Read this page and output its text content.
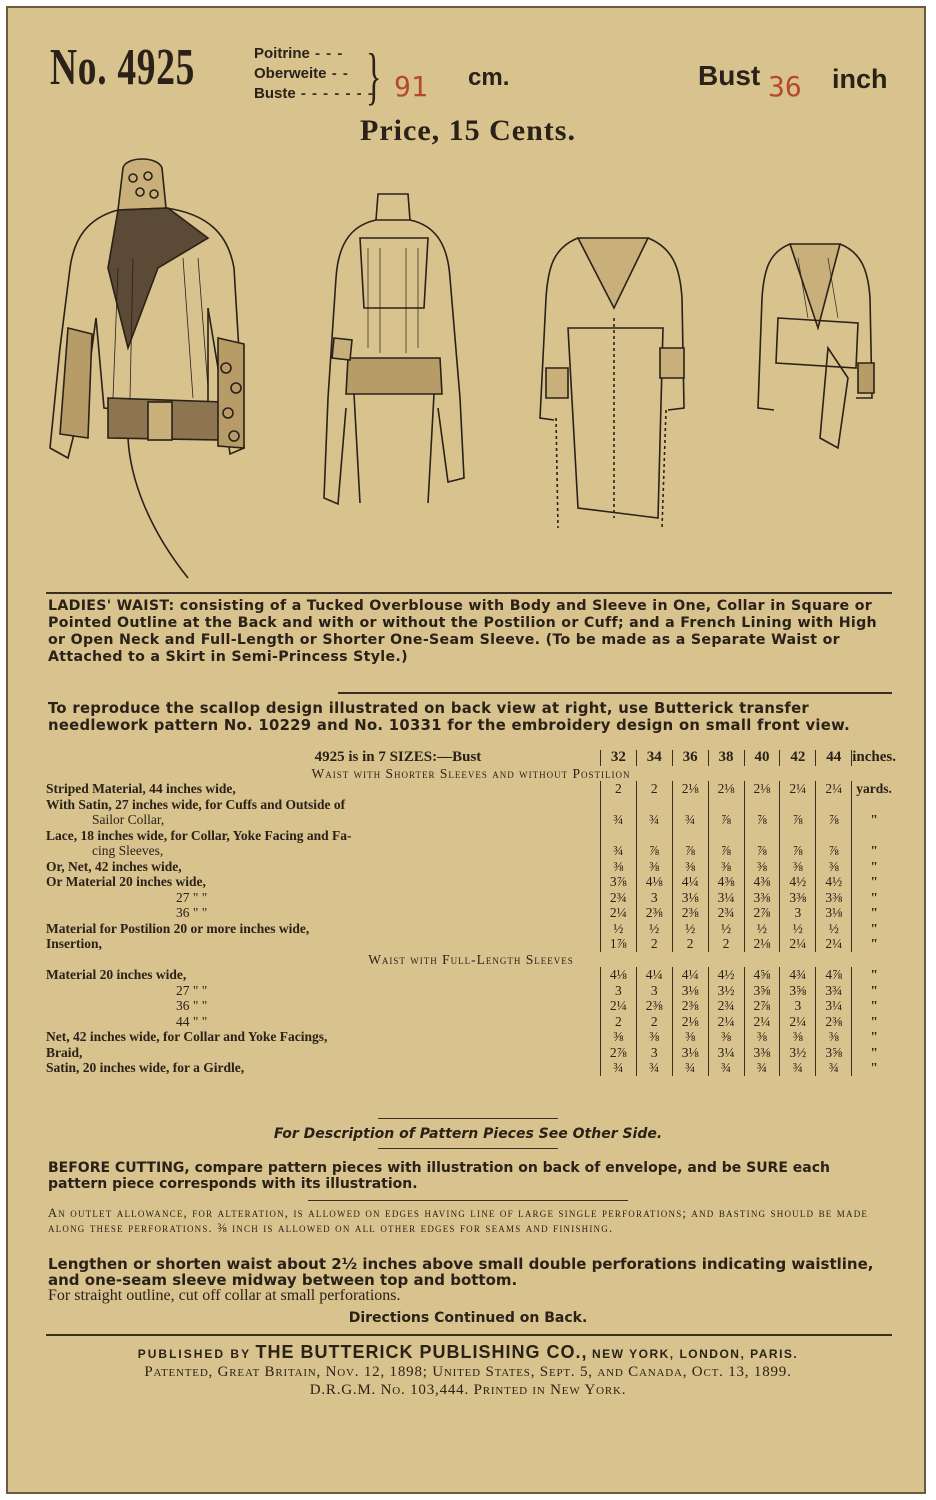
No. 4925	Poitrine - - -
Oberweite - -
Buste - - - - - - -
} 91 cm.	Bust 36 inch
Price, 15 Cents.
LADIES' WAIST: consisting of a Tucked Overblouse with Body and Sleeve in One, Collar in Square or Pointed Outline at the Back and with or without the Postilion or Cuff; and a French Lining with High or Open Neck and Full-Length or Shorter One-Seam Sleeve. (To be made as a Separate Waist or Attached to a Skirt in Semi-Princess Style.)
To reproduce the scallop design illustrated on back view at right, use Butterick transfer needlework pattern No. 10229 and No. 10331 for the embroidery design on small front view.
4925 is in 7 SIZES:—Bust	32	34	36	38	40	42	44	inches.
Waist with Shorter Sleeves and without Postilion								
Striped Material, 44 inches wide,	2	2	2⅛	2⅛	2⅛	2¼	2¼	yards.
With Satin, 27 inches wide, for Cuffs and Outside of								
Sailor Collar,	¾	¾	¾	⅞	⅞	⅞	⅞	"
Lace, 18 inches wide, for Collar, Yoke Facing and Fa-								
cing Sleeves,	¾	⅞	⅞	⅞	⅞	⅞	⅞	"
Or, Net, 42 inches wide,	⅜	⅜	⅜	⅜	⅜	⅜	⅜	"
Or Material 20 inches wide,	3⅞	4⅛	4¼	4⅜	4⅜	4½	4½	"
27 " "	2¾	3	3⅛	3¼	3⅜	3⅜	3⅜	"
36 " "	2¼	2⅜	2⅜	2¾	2⅞	3	3⅛	"
Material for Postilion 20 or more inches wide,	½	½	½	½	½	½	½	"
Insertion,	1⅞	2	2	2	2⅛	2¼	2¼	"
Waist with Full-Length Sleeves								
Material 20 inches wide,	4⅛	4¼	4¼	4½	4⅝	4¾	4⅞	"
27 " "	3	3	3⅛	3½	3⅝	3⅝	3¾	"
36 " "	2¼	2⅜	2⅜	2¾	2⅞	3	3¼	"
44 " "	2	2	2⅛	2¼	2¼	2¼	2⅜	"
Net, 42 inches wide, for Collar and Yoke Facings,	⅜	⅜	⅜	⅜	⅜	⅜	⅜	"
Braid,	2⅞	3	3⅛	3¼	3⅜	3½	3⅝	"
Satin, 20 inches wide, for a Girdle,	¾	¾	¾	¾	¾	¾	¾	"
For Description of Pattern Pieces See Other Side.
BEFORE CUTTING, compare pattern pieces with illustration on back of envelope, and be SURE each pattern piece corresponds with its illustration.
An outlet allowance, for alteration, is allowed on edges having line of large single perforations; and basting should be made along these perforations. ⅜ inch is allowed on all other edges for seams and finishing.
Lengthen or shorten waist about 2½ inches above small double perforations indicating waistline, and one-seam sleeve midway between top and bottom.
For straight outline, cut off collar at small perforations.
Directions Continued on Back.
PUBLISHED BY THE BUTTERICK PUBLISHING CO., NEW YORK, LONDON, PARIS.
Patented, Great Britain, Nov. 12, 1898; United States, Sept. 5, and Canada, Oct. 13, 1899.
D.R.G.M. No. 103,444. Printed in New York.
